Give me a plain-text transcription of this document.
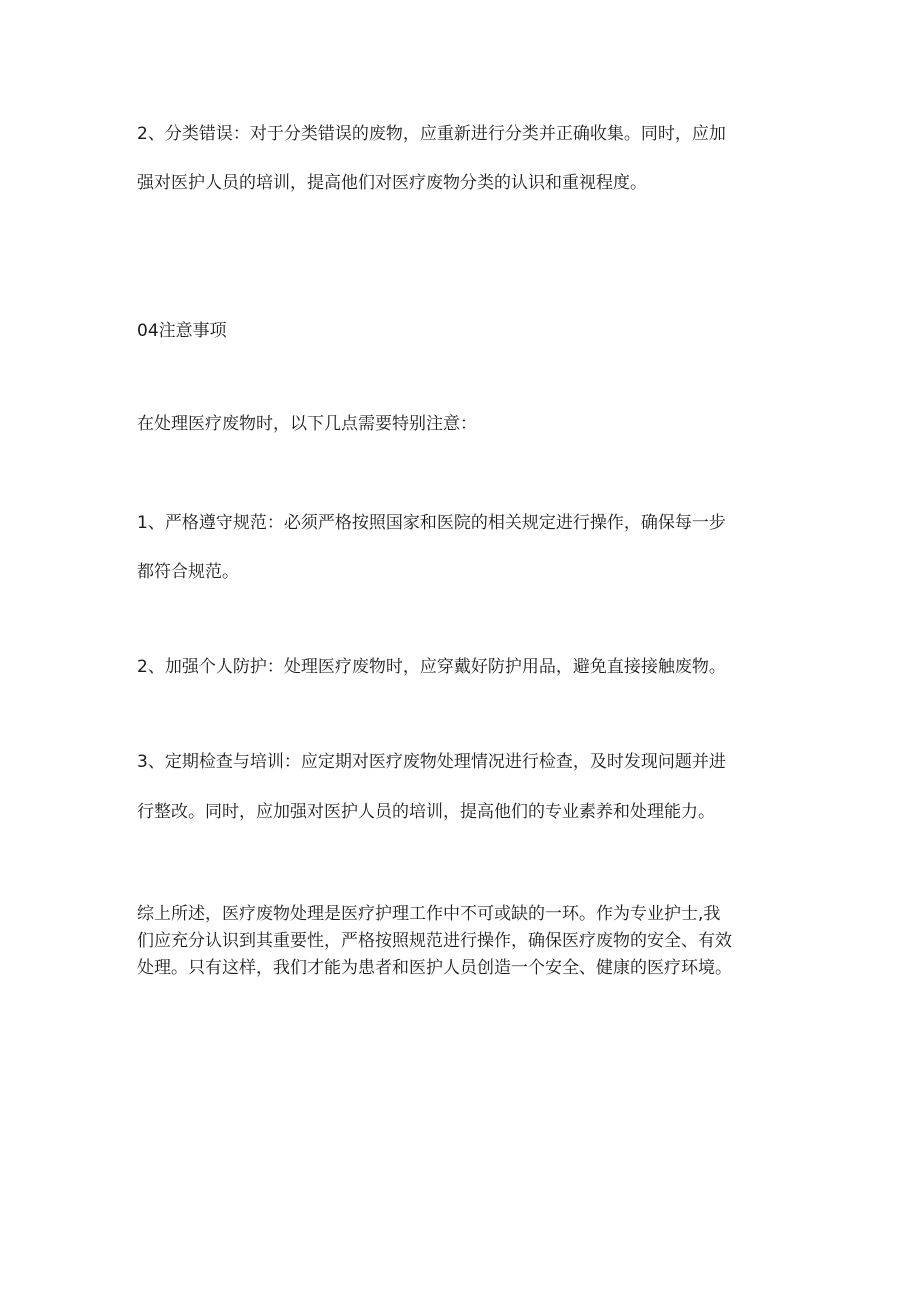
2、分类错误：对于分类错误的废物，应重新进行分类并正确收集。同时，应加
强对医护人员的培训，提高他们对医疗废物分类的认识和重视程度。
04注意事项
在处理医疗废物时，以下几点需要特别注意：
1、严格遵守规范：必须严格按照国家和医院的相关规定进行操作，确保每一步
都符合规范。
2、加强个人防护：处理医疗废物时，应穿戴好防护用品，避免直接接触废物。
3、定期检查与培训：应定期对医疗废物处理情况进行检查，及时发现问题并进
行整改。同时，应加强对医护人员的培训，提高他们的专业素养和处理能力。
综上所述，医疗废物处理是医疗护理工作中不可或缺的一环。作为专业护士,我
们应充分认识到其重要性，严格按照规范进行操作，确保医疗废物的安全、有效
处理。只有这样，我们才能为患者和医护人员创造一个安全、健康的医疗环境。
